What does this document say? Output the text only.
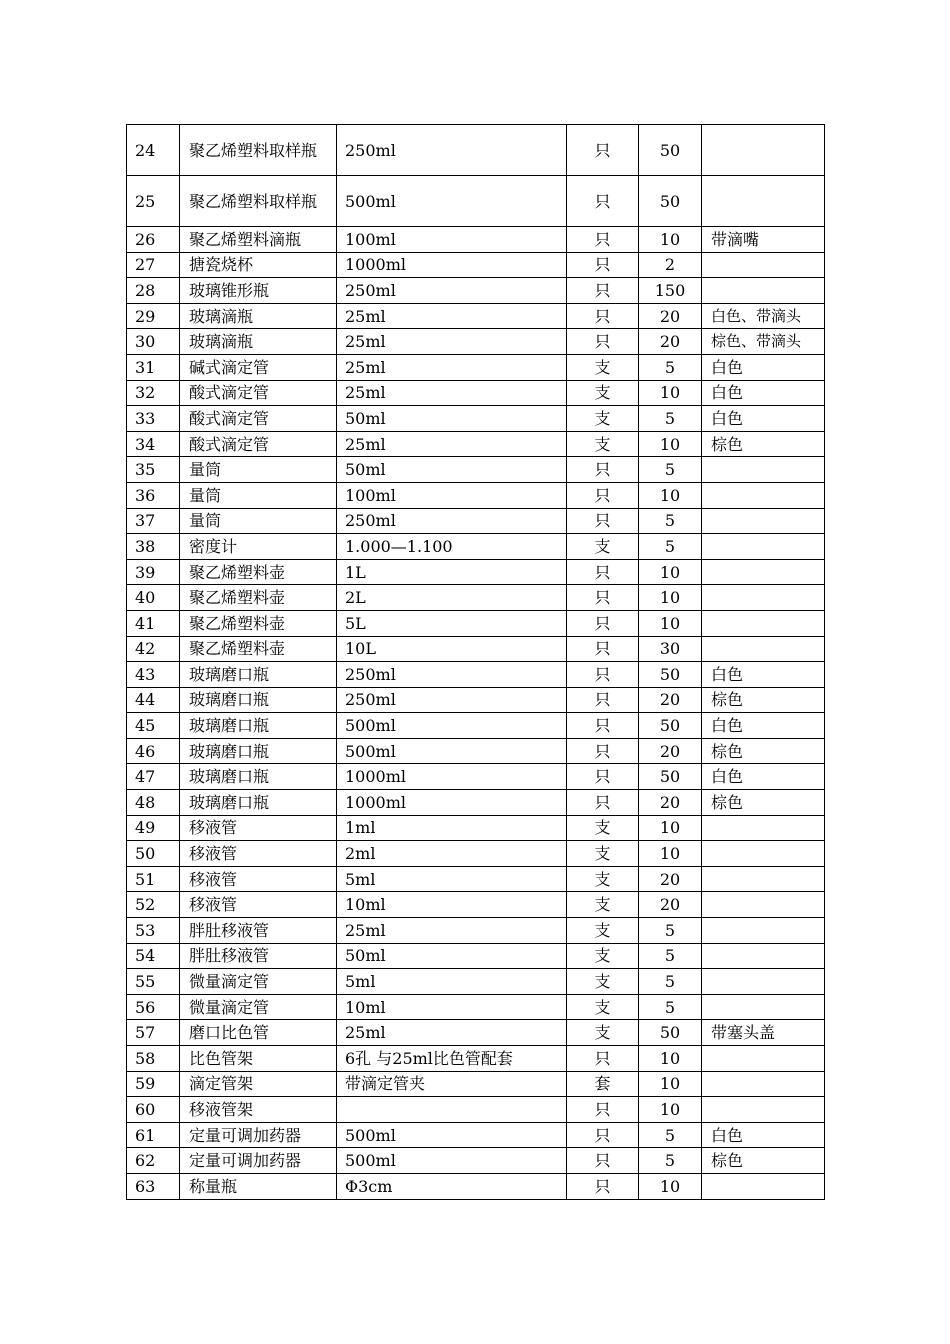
24	聚乙烯塑料取样瓶	250ml	只	50	
25	聚乙烯塑料取样瓶	500ml	只	50	
26	聚乙烯塑料滴瓶	100ml	只	10	带滴嘴
27	搪瓷烧杯	1000ml	只	2	
28	玻璃锥形瓶	250ml	只	150	
29	玻璃滴瓶	25ml	只	20	白色、带滴头
30	玻璃滴瓶	25ml	只	20	棕色、带滴头
31	碱式滴定管	25ml	支	5	白色
32	酸式滴定管	25ml	支	10	白色
33	酸式滴定管	50ml	支	5	白色
34	酸式滴定管	25ml	支	10	棕色
35	量筒	50ml	只	5	
36	量筒	100ml	只	10	
37	量筒	250ml	只	5	
38	密度计	1.000—1.100	支	5	
39	聚乙烯塑料壶	1L	只	10	
40	聚乙烯塑料壶	2L	只	10	
41	聚乙烯塑料壶	5L	只	10	
42	聚乙烯塑料壶	10L	只	30	
43	玻璃磨口瓶	250ml	只	50	白色
44	玻璃磨口瓶	250ml	只	20	棕色
45	玻璃磨口瓶	500ml	只	50	白色
46	玻璃磨口瓶	500ml	只	20	棕色
47	玻璃磨口瓶	1000ml	只	50	白色
48	玻璃磨口瓶	1000ml	只	20	棕色
49	移液管	1ml	支	10	
50	移液管	2ml	支	10	
51	移液管	5ml	支	20	
52	移液管	10ml	支	20	
53	胖肚移液管	25ml	支	5	
54	胖肚移液管	50ml	支	5	
55	微量滴定管	5ml	支	5	
56	微量滴定管	10ml	支	5	
57	磨口比色管	25ml	支	50	带塞头盖
58	比色管架	6孔 与25ml比色管配套	只	10	
59	滴定管架	带滴定管夹	套	10	
60	移液管架		只	10	
61	定量可调加药器	500ml	只	5	白色
62	定量可调加药器	500ml	只	5	棕色
63	称量瓶	Φ3cm	只	10	
